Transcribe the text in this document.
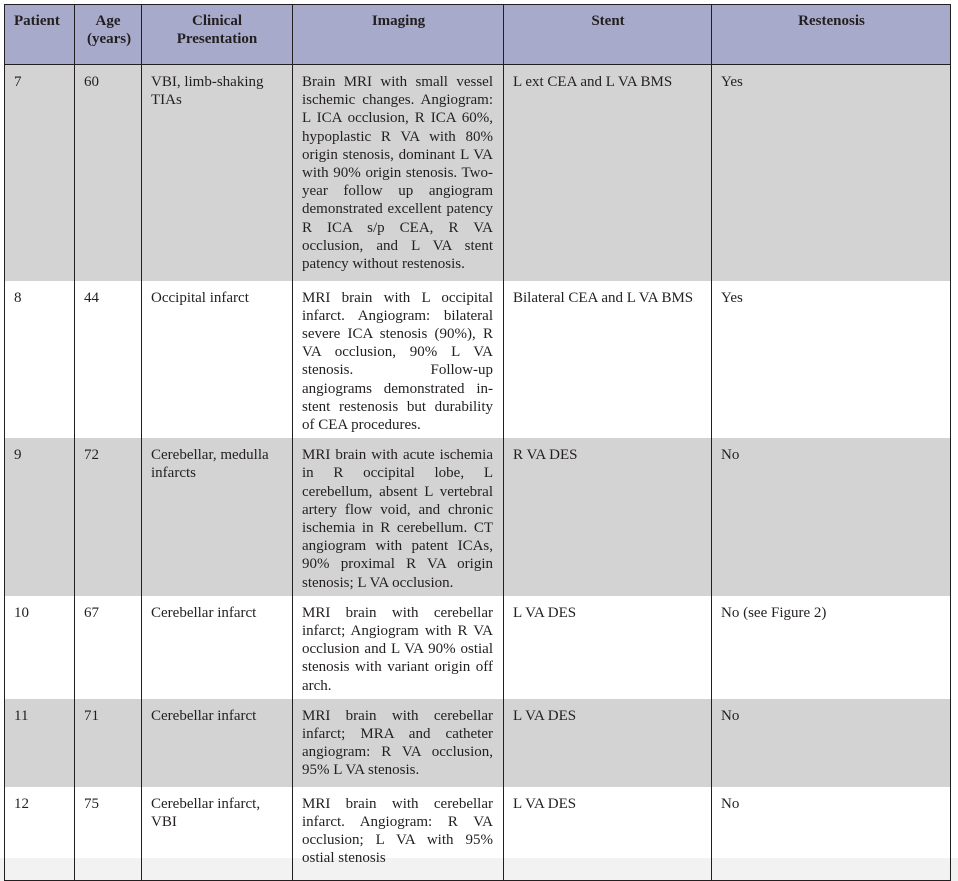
Patient	Age (years)	Clinical Presentation	Imaging	Stent	Restenosis
7	60	VBI, limb-shaking TIAs	Brain MRI with small vessel ischemic changes. Angiogram: L ICA occlusion, R ICA 60%, hypoplastic R VA with 80% origin stenosis, dominant L VA with 90% origin stenosis. Two-year follow up angiogram demonstrated excellent patency R ICA s/p CEA, R VA occlusion, and L VA stent patency without restenosis.	L ext CEA and L VA BMS	Yes
8	44	Occipital infarct	MRI brain with L occipital infarct. Angiogram: bilateral severe ICA stenosis (90%), R VA occlusion, 90% L VA stenosis. Follow-up angiograms demonstrated in-stent restenosis but durability of CEA procedures.	Bilateral CEA and L VA BMS	Yes
9	72	Cerebellar, medulla infarcts	MRI brain with acute ischemia in R occipital lobe, L cerebellum, absent L vertebral artery flow void, and chronic ischemia in R cerebellum. CT angiogram with patent ICAs, 90% proximal R VA origin stenosis; L VA occlusion.	R VA DES	No
10	67	Cerebellar infarct	MRI brain with cerebellar infarct; Angiogram with R VA occlusion and L VA 90% ostial stenosis with variant origin off arch.	L VA DES	No (see Figure 2)
11	71	Cerebellar infarct	MRI brain with cerebellar infarct; MRA and catheter angiogram: R VA occlusion, 95% L VA stenosis.	L VA DES	No
12	75	Cerebellar infarct, VBI	MRI brain with cerebellar infarct. Angiogram: R VA occlusion; L VA with 95% ostial stenosis	L VA DES	No
